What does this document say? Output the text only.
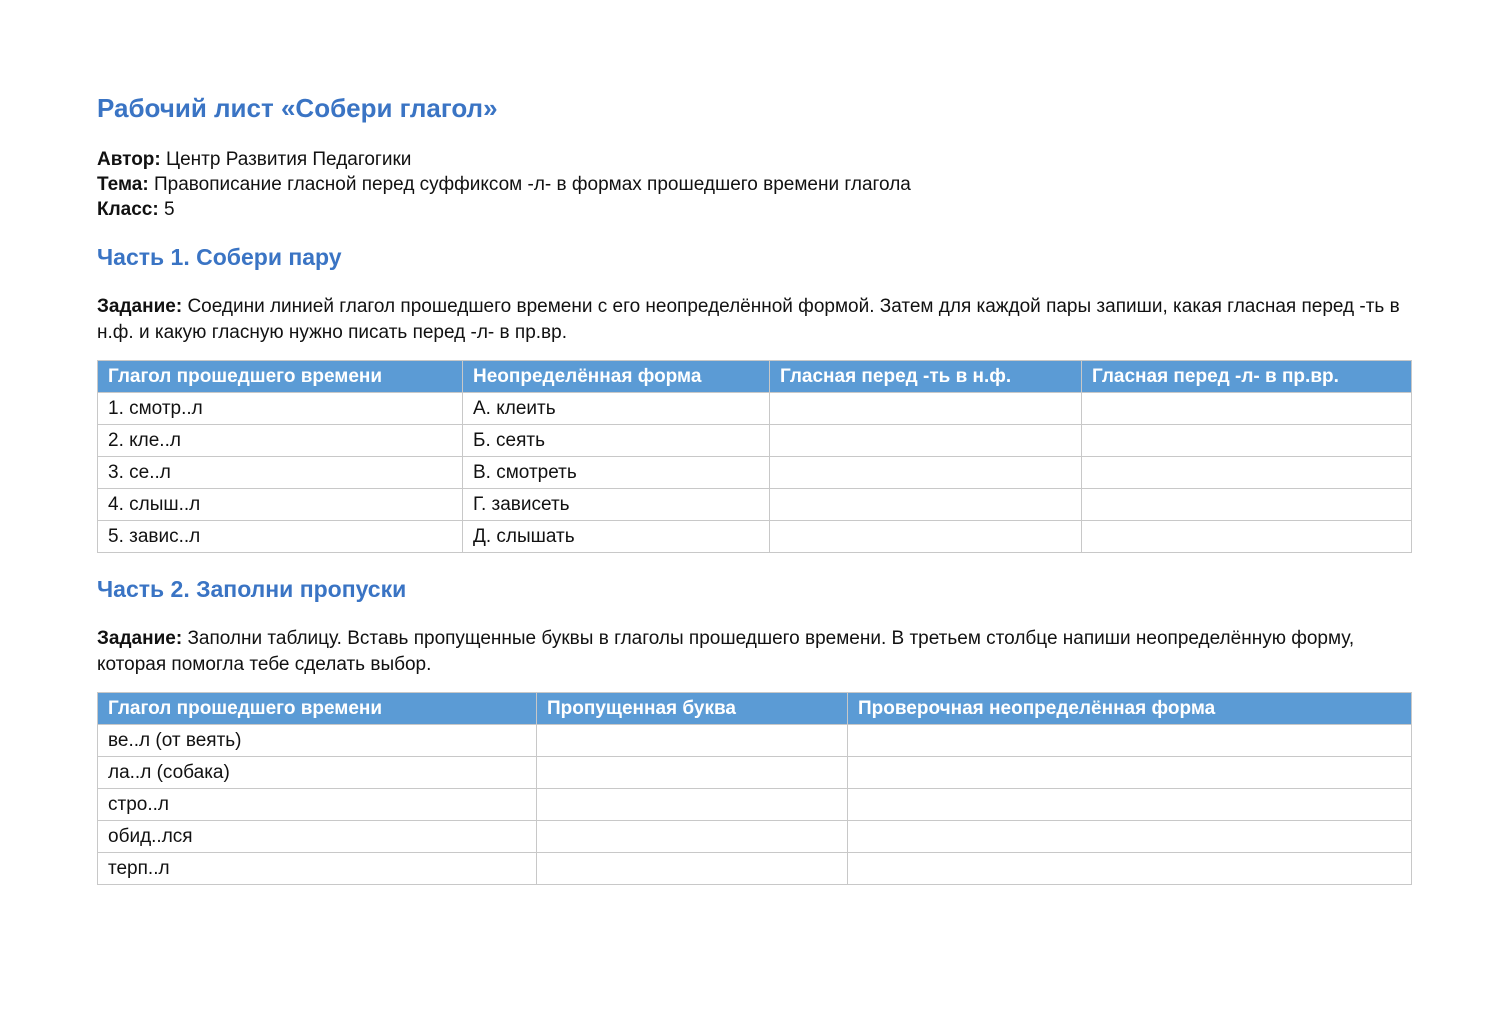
Рабочий лист «Собери глагол»
Автор: Центр Развития Педагогики
Тема: Правописание гласной перед суффиксом -л- в формах прошедшего времени глагола
Класс: 5
Часть 1. Собери пару
Задание: Соедини линией глагол прошедшего времени с его неопределённой формой. Затем для каждой пары запиши, какая гласная перед -ть в н.ф. и какую гласную нужно писать перед -л- в пр.вр.
Глагол прошедшего времени	Неопределённая форма	Гласная перед -ть в н.ф.	Гласная перед -л- в пр.вр.
1. смотр..л	А. клеить		
2. кле..л	Б. сеять		
3. се..л	В. смотреть		
4. слыш..л	Г. зависеть		
5. завис..л	Д. слышать		
Часть 2. Заполни пропуски
Задание: Заполни таблицу. Вставь пропущенные буквы в глаголы прошедшего времени. В третьем столбце напиши неопределённую форму, которая помогла тебе сделать выбор.
Глагол прошедшего времени	Пропущенная буква	Проверочная неопределённая форма
ве..л (от веять)		
ла..л (собака)		
стро..л		
обид..лся		
терп..л		
